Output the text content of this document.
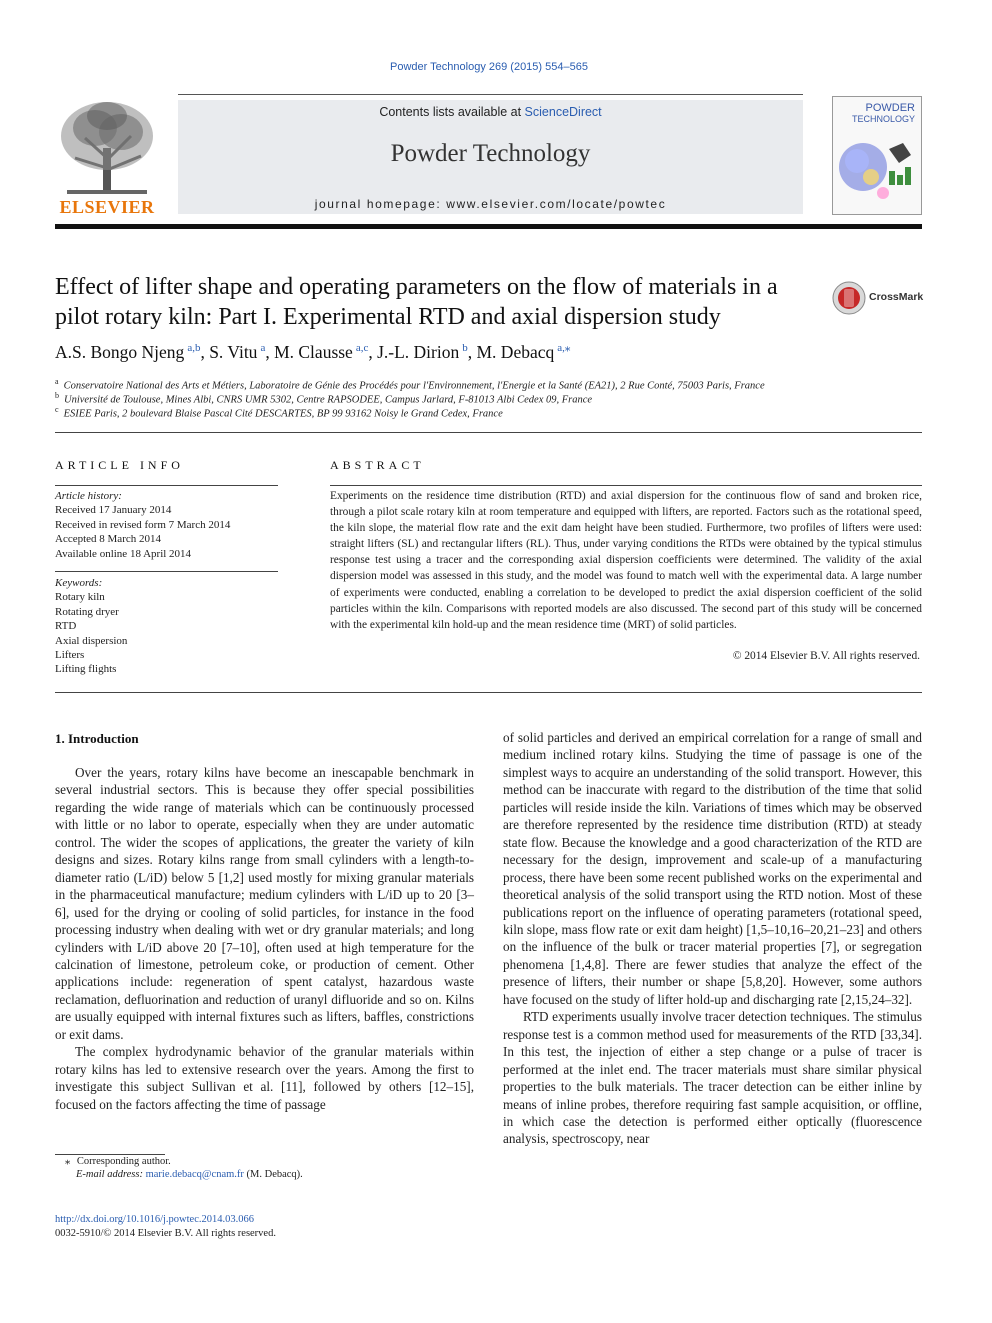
Powder Technology 269 (2015) 554–565
ELSEVIER
Contents lists available at ScienceDirect
Powder Technology
journal homepage: www.elsevier.com/locate/powtec
POWDER
TECHNOLOGY
Effect of lifter shape and operating parameters on the flow of materials in a pilot rotary kiln: Part I. Experimental RTD and axial dispersion study
CrossMark
A.S. Bongo Njeng $^{a,b}$, S. Vitu $^a$, M. Clausse $^{a,c}$, J.-L. Dirion $^b$, M. Debacq $^{a,⁎}$
$^a$ Conservatoire National des Arts et Métiers, Laboratoire de Génie des Procédés pour l'Environnement, l'Energie et la Santé (EA21), 2 Rue Conté, 75003 Paris, France
$^b$ Université de Toulouse, Mines Albi, CNRS UMR 5302, Centre RAPSODEE, Campus Jarlard, F-81013 Albi Cedex 09, France
$^c$ ESIEE Paris, 2 boulevard Blaise Pascal Cité DESCARTES, BP 99 93162 Noisy le Grand Cedex, France
ARTICLE INFO
Article history:
Received 17 January 2014
Received in revised form 7 March 2014
Accepted 8 March 2014
Available online 18 April 2014
Keywords:
Rotary kiln
Rotating dryer
RTD
Axial dispersion
Lifters
Lifting flights
ABSTRACT
Experiments on the residence time distribution (RTD) and axial dispersion for the continuous flow of sand and broken rice, through a pilot scale rotary kiln at room temperature and equipped with lifters, are reported. Factors such as the rotational speed, the kiln slope, the material flow rate and the exit dam height have been studied. Furthermore, two profiles of lifters were used: straight lifters (SL) and rectangular lifters (RL). Thus, under varying conditions the RTDs were obtained by the typical stimulus response test using a tracer and the corresponding axial dispersion coefficients were determined. The validity of the axial dispersion model was assessed in this study, and the model was found to match well with the experimental data. A large number of experiments were conducted, enabling a correlation to be developed to predict the axial dispersion coefficient of the solid particles within the kiln. Comparisons with reported models are also discussed. The second part of this study will be concerned with the experimental kiln hold-up and the mean residence time (MRT) of solid particles.
© 2014 Elsevier B.V. All rights reserved.
1. Introduction

Over the years, rotary kilns have become an inescapable benchmark in several industrial sectors. This is because they offer special possibilities regarding the wide range of materials which can be continuously processed with little or no labor to operate, especially when they are under automatic control. The wider the scopes of applications, the greater the variety of kiln designs and sizes. Rotary kilns range from small cylinders with a length-to-diameter ratio (L/iD) below 5 [1,2] used mostly for mixing granular materials in the pharmaceutical manufacture; medium cylinders with L/iD up to 20 [3–6], used for the drying or cooling of solid particles, for instance in the food processing industry when dealing with wet or dry granular materials; and long cylinders with L/iD above 20 [7–10], often used at high temperature for the calcination of limestone, petroleum coke, or production of cement. Other applications include: regeneration of spent catalyst, hazardous waste reclamation, defluorination and reduction of uranyl difluoride and so on. Kilns are usually equipped with internal fixtures such as lifters, baffles, constrictions or exit dams.

The complex hydrodynamic behavior of the granular materials within rotary kilns has led to extensive research over the years. Among the first to investigate this subject Sullivan et al. [11], followed by others [12–15], focused on the factors affecting the time of passage

of solid particles and derived an empirical correlation for a range of small and medium inclined rotary kilns. Studying the time of passage is one of the simplest ways to acquire an understanding of the solid transport. However, this method can be inaccurate with regard to the distribution of the time that solid particles will reside inside the kiln. Variations of times which may be observed are therefore represented by the residence time distribution (RTD) at steady state flow. Because the knowledge and a good characterization of the RTD are necessary for the design, improvement and scale-up of a manufacturing process, there have been some recent published works on the experimental and theoretical analysis of the solid transport using the RTD notion. Most of these publications report on the influence of operating parameters (rotational speed, kiln slope, mass flow rate or exit dam height) [1,5–10,16–20,21–23] and others on the influence of the bulk or tracer material properties [7], or segregation phenomena [1,4,8]. There are fewer studies that analyze the effect of the presence of lifters, their number or shape [5,8,20]. However, some authors have focused on the study of lifter hold-up and discharging rate [2,15,24–32].

RTD experiments usually involve tracer detection techniques. The stimulus response test is a common method used for measurements of the RTD [33,34]. In this test, the injection of either a step change or a pulse of tracer is performed at the inlet end. The tracer materials must share similar physical properties to the bulk materials. The tracer detection can be either inline by means of inline probes, therefore requiring fast sample acquisition, or offline, in which case the detection is performed either optically (fluorescence analysis, spectroscopy, near

⁎ Corresponding author.
E-mail address: marie.debacq@cnam.fr (M. Debacq).
http://dx.doi.org/10.1016/j.powtec.2014.03.066
0032-5910/© 2014 Elsevier B.V. All rights reserved.
